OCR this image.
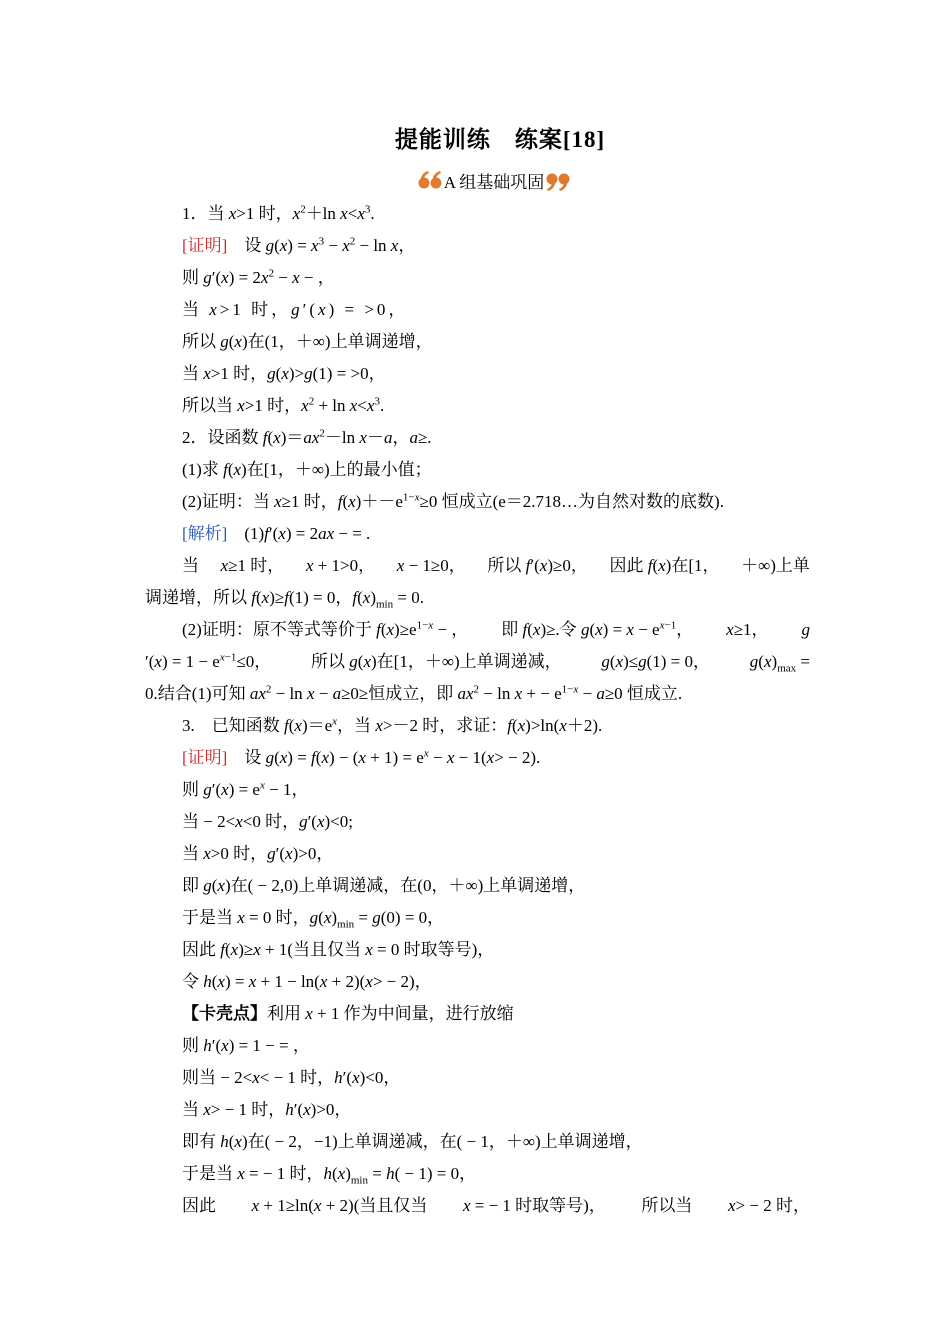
提能训练　练案[18]
A 组基础巩固
1．当 x>1 时，$x^2+\ln$ $x<x^3$.
[证明]　设 $g(x) = x^3 - x^2 - \ln x$，
则 $g'(x) = 2x^2 - x$ − ，
当 x>1 时，g′(x) = >0，
所以 g(x)在(1，＋∞)上单调递增，
当 x>1 时，g(x)>g(1) = >0，
所以当 x>1 时，$x^2 + \ln x<x^3$.
2．设函数 $f(x)=ax^2-\ln$ x－a，a≥.
(1)求 f(x)在[1，＋∞)上的最小值；
(2)证明：当 x≥1 时，$f(x)+-e^{1-x}\ge 0$ 恒成立(e＝2.718…为自然对数的底数).
[解析]　(1)f′(x) = 2ax − = .
当 x≥1 时， x + 1>0， x − 1≥0， 所以 f′(x)≥0， 因此 f(x)在[1， ＋∞)上单
调递增，所以 f(x)≥f(1) = 0，$f(x)_{min} = 0$.
(2)证明：原不等式等价于 $f(x)\ge e^{1-x}$ − ， 即 f(x)≥.令 $g(x) = x - e^{x-1}$， x≥1， g
$'(x) = 1 - e^{x-1}\le 0$， 所以 g(x)在[1，＋∞)上单调递减， g(x)≤g(1) = 0， $g(x)_{max}$ =
0.结合(1)可知 $ax^2 - \ln x - a\ge 0\ge$恒成立，即 $ax^2 - \ln x$ + − $e^{1-x} - a\ge 0$ 恒成立.
3.　已知函数 $f(x)=e^x$，当 x>－2 时，求证：f(x)>ln(x＋2).
[证明]　设 $g(x) = f(x) - (x + 1) = e^x - x - 1(x> - 2)$.
则 $g'(x) = e^x - 1$，
当 − 2<x<0 时，g′(x)<0;
当 x>0 时，g′(x)>0，
即 g(x)在( − 2,0)上单调递减，在(0，＋∞)上单调递增，
于是当 x = 0 时，$g(x)_{min} = g(0) = 0$，
因此 f(x)≥x + 1(当且仅当 x = 0 时取等号)，
令 h(x) = x + 1 − ln(x + 2)(x> − 2)，
【卡壳点】利用 x + 1 作为中间量，进行放缩
则 h′(x) = 1 − = ，
则当 − 2<x< − 1 时，h′(x)<0，
当 x> − 1 时，h′(x)>0，
即有 h(x)在( − 2，−1)上单调递减，在( − 1，＋∞)上单调递增，
于是当 x = − 1 时，$h(x)_{min} = h( - 1) = 0$，
因此 x + 1≥ln(x + 2)(当且仅当 x = − 1 时取等号)， 所以当 x> − 2 时，
